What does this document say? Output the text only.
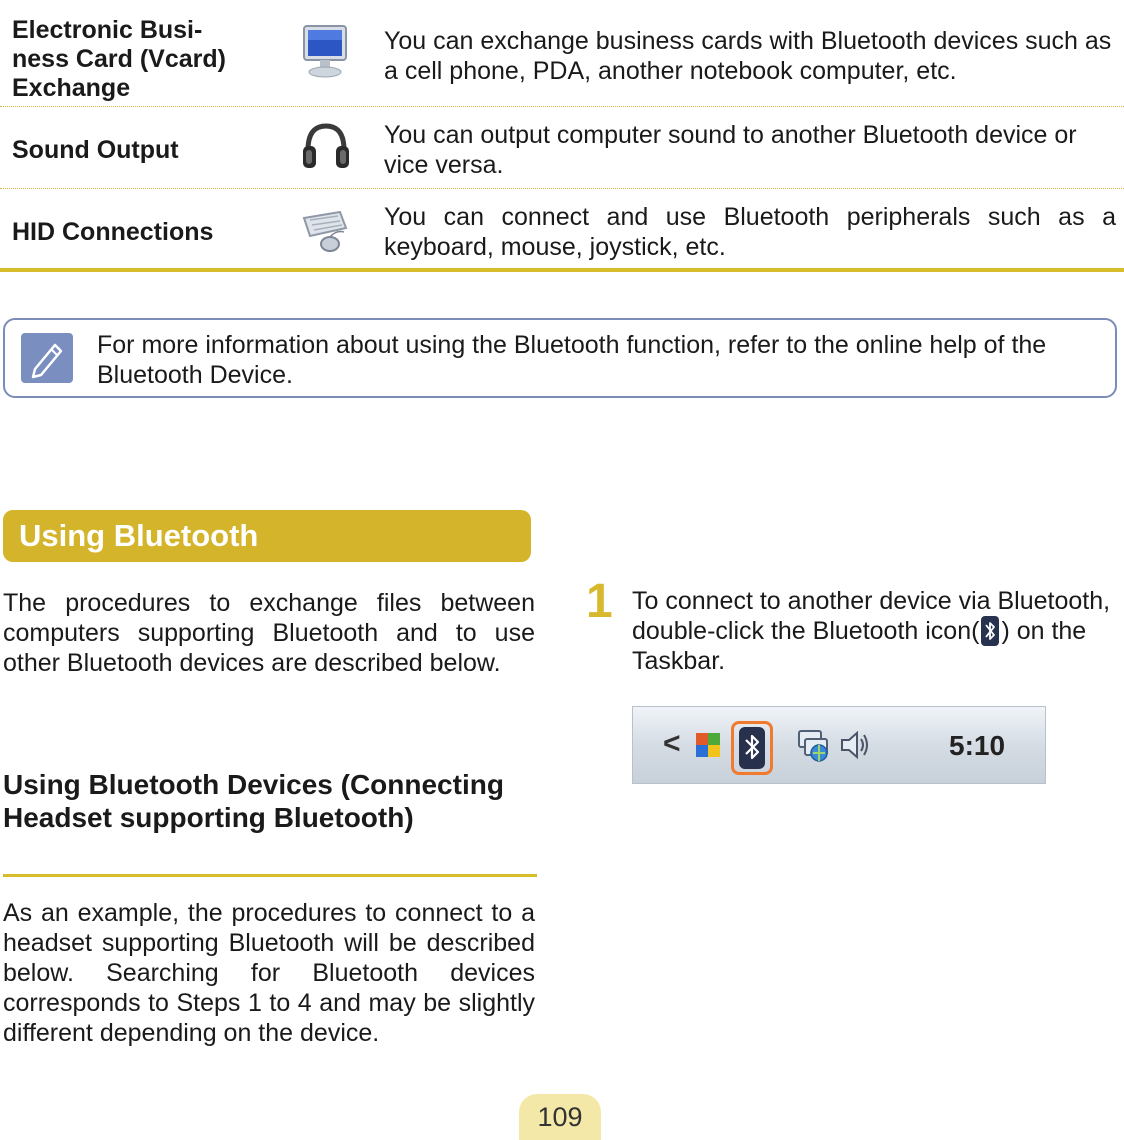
Electronic Busi-
ness Card (Vcard)
Exchange
You can exchange business cards with Bluetooth devices such as a cell phone, PDA, another notebook computer, etc.
Sound Output
You can output computer sound to another Bluetooth device or vice versa.
HID Connections
You can connect and use Bluetooth peripherals such as a keyboard, mouse, joystick, etc.
For more information about using the Bluetooth function, refer to the online help of the Bluetooth Device.
Using Bluetooth
The procedures to exchange files between computers supporting Bluetooth and to use other Bluetooth devices are described below.
Using Bluetooth Devices (Connecting Headset supporting Bluetooth)
As an example, the procedures to connect to a headset supporting Bluetooth will be described below. Searching for Bluetooth devices corresponds to Steps 1 to 4 and may be slightly different depending on the device.
1 To connect to another device via Bluetooth, double-click the Bluetooth icon( ) on the Taskbar.
<	5:10
109
